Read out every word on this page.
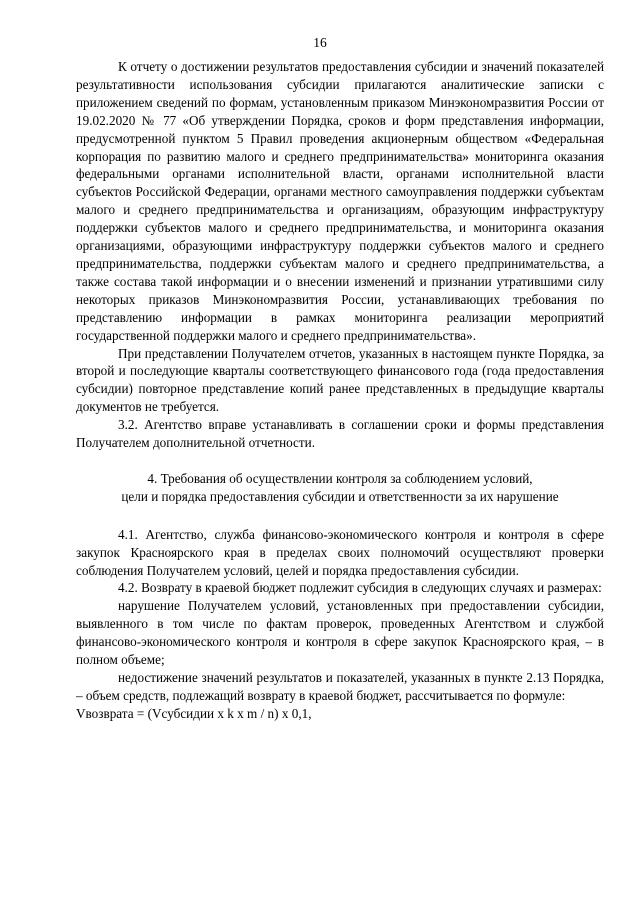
16

К отчету о достижении результатов предоставления субсидии и значений показателей результативности использования субсидии прилагаются аналитические записки с приложением сведений по формам, установленным приказом Минэкономразвития России от 19.02.2020 № 77 «Об утверждении Порядка, сроков и форм представления информации, предусмотренной пунктом 5 Правил проведения акционерным обществом «Федеральная корпорация по развитию малого и среднего предпринимательства» мониторинга оказания федеральными органами исполнительной власти, органами исполнительной власти субъектов Российской Федерации, органами местного самоуправления поддержки субъектам малого и среднего предпринимательства и организациям, образующим инфраструктуру поддержки субъектов малого и среднего предпринимательства, и мониторинга оказания организациями, образующими инфраструктуру поддержки субъектов малого и среднего предпринимательства, поддержки субъектам малого и среднего предпринимательства, а также состава такой информации и о внесении изменений и признании утратившими силу некоторых приказов Минэкономразвития России, устанавливающих требования по представлению информации в рамках мониторинга реализации мероприятий государственной поддержки малого и среднего предпринимательства».

При представлении Получателем отчетов, указанных в настоящем пункте Порядка, за второй и последующие кварталы соответствующего финансового года (года предоставления субсидии) повторное представление копий ранее представленных в предыдущие кварталы документов не требуется.

3.2. Агентство вправе устанавливать в соглашении сроки и формы представления Получателем дополнительной отчетности.

4. Требования об осуществлении контроля за соблюдением условий,
цели и порядка предоставления субсидии и ответственности за их нарушение

4.1. Агентство, служба финансово-экономического контроля и контроля в сфере закупок Красноярского края в пределах своих полномочий осуществляют проверки соблюдения Получателем условий, целей и порядка предоставления субсидии.

4.2. Возврату в краевой бюджет подлежит субсидия в следующих случаях и размерах:

нарушение Получателем условий, установленных при предоставлении субсидии, выявленного в том числе по фактам проверок, проведенных Агентством и службой финансово-экономического контроля и контроля в сфере закупок Красноярского края, – в полном объеме;

недостижение значений результатов и показателей, указанных в пункте 2.13 Порядка, – объем средств, подлежащий возврату в краевой бюджет, рассчитывается по формуле:

Vвозврата = (Vсубсидии x k x m / n) x 0,1,
